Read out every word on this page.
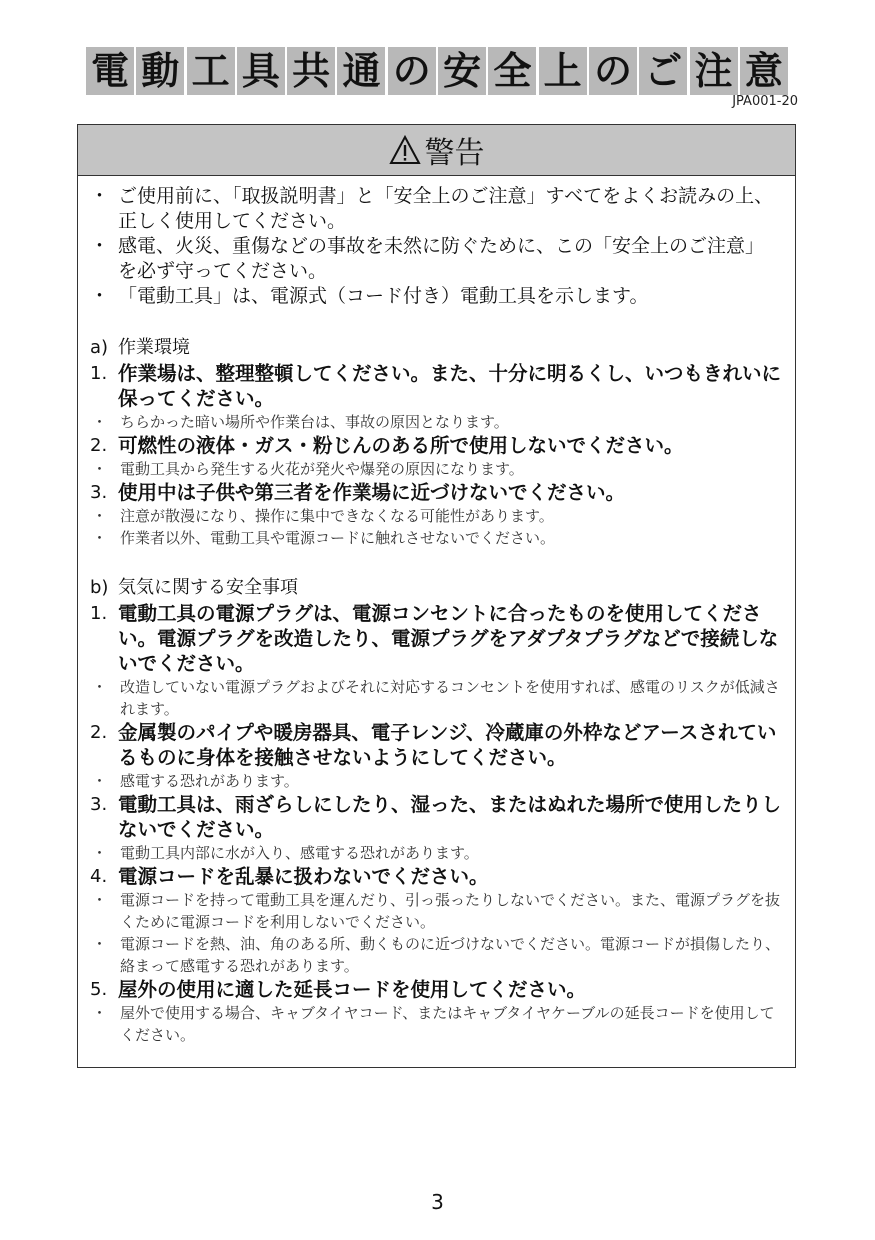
電 動 工 具 共 通 の 安 全 上 の ご 注 意
JPA001-20
警告
・ ご使用前に、「取扱説明書」と「安全上のご注意」すべてをよくお読みの上、正しく使用してください。
・ 感電、火災、重傷などの事故を未然に防ぐために、この「安全上のご注意」を必ず守ってください。
・ 「電動工具」は、電源式（コード付き）電動工具を示します。
a) 作業環境
1. 作業場は、整理整頓してください。また、十分に明るくし、いつもきれいに保ってください。
・ ちらかった暗い場所や作業台は、事故の原因となります。
2. 可燃性の液体・ガス・粉じんのある所で使用しないでください。
・ 電動工具から発生する火花が発火や爆発の原因になります。
3. 使用中は子供や第三者を作業場に近づけないでください。
・ 注意が散漫になり、操作に集中できなくなる可能性があります。
・ 作業者以外、電動工具や電源コードに触れさせないでください。
b) 気気に関する安全事項
1. 電動工具の電源プラグは、電源コンセントに合ったものを使用してください。電源プラグを改造したり、電源プラグをアダプタプラグなどで接続しないでください。
・ 改造していない電源プラグおよびそれに対応するコンセントを使用すれば、感電のリスクが低減されます。
2. 金属製のパイプや暖房器具、電子レンジ、冷蔵庫の外枠などアースされているものに身体を接触させないようにしてください。
・ 感電する恐れがあります。
3. 電動工具は、雨ざらしにしたり、湿った、またはぬれた場所で使用したりしないでください。
・ 電動工具内部に水が入り、感電する恐れがあります。
4. 電源コードを乱暴に扱わないでください。
・ 電源コードを持って電動工具を運んだり、引っ張ったりしないでください。また、電源プラグを抜くために電源コードを利用しないでください。
・ 電源コードを熱、油、角のある所、動くものに近づけないでください。電源コードが損傷したり、絡まって感電する恐れがあります。
5. 屋外の使用に適した延長コードを使用してください。
・ 屋外で使用する場合、キャブタイヤコード、またはキャブタイヤケーブルの延長コードを使用してください。
3
